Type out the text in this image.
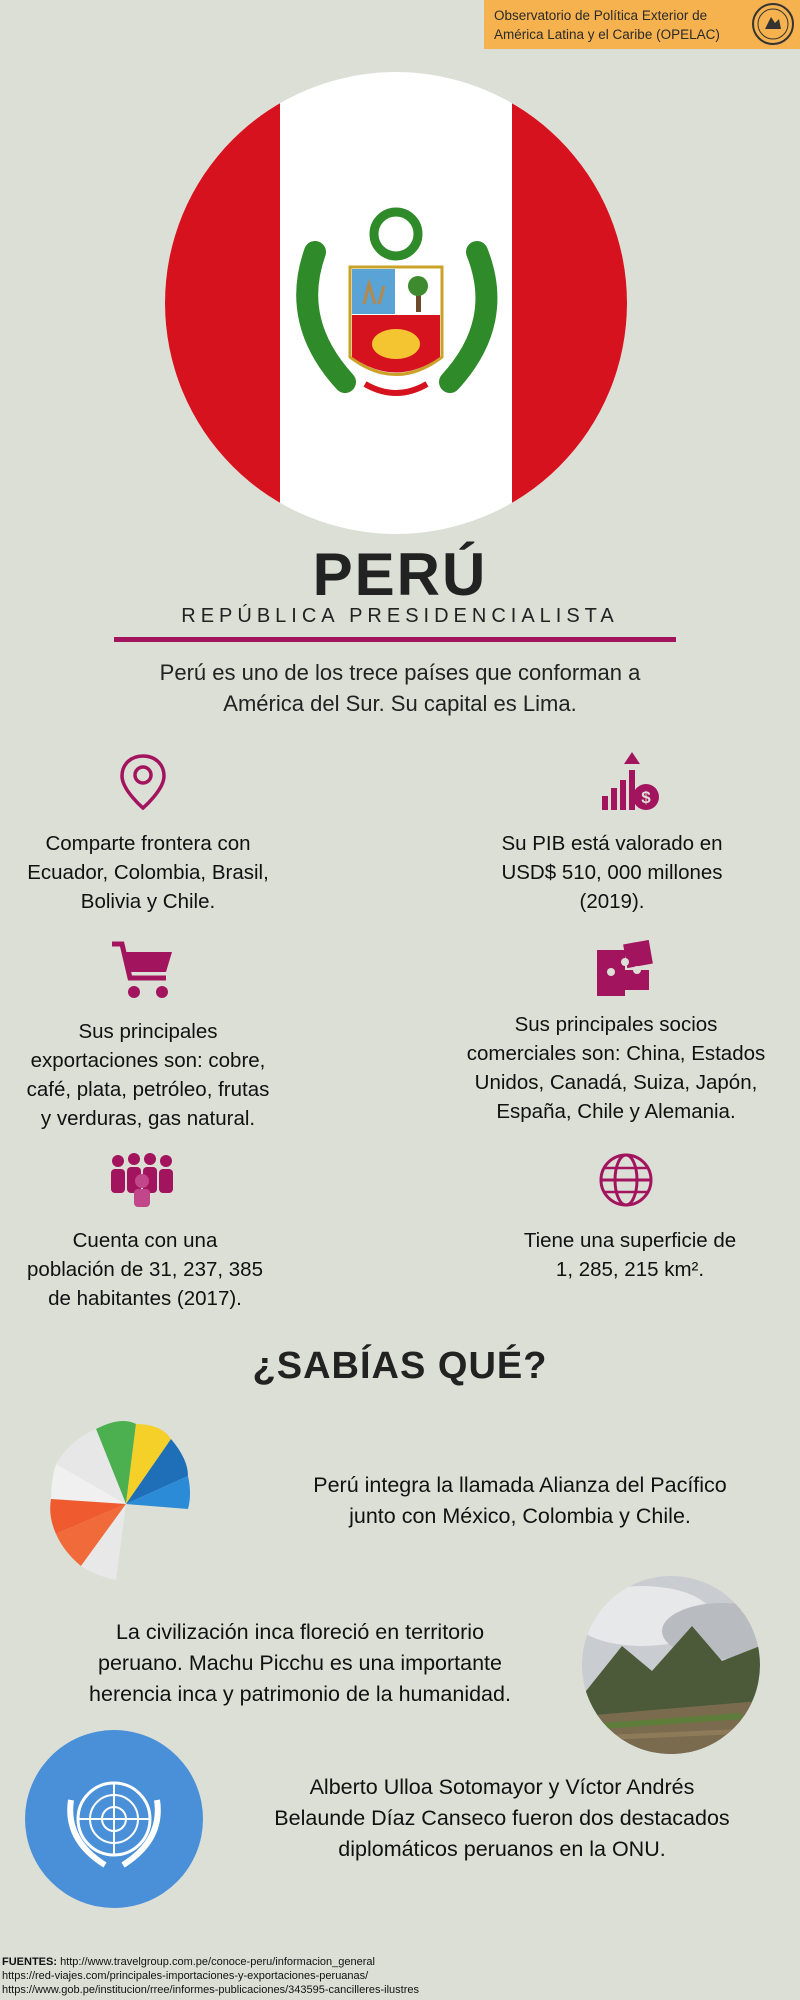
Observatorio de Política Exterior de
América Latina y el Caribe (OPELAC)
PERÚ
REPÚBLICA PRESIDENCIALISTA
Perú es uno de los trece países que conforman a
América del Sur. Su capital es Lima.
$
Comparte frontera con
Ecuador, Colombia, Brasil,
Bolivia y Chile.
Su PIB está valorado en
USD$ 510, 000 millones
(2019).
Sus principales
exportaciones son: cobre,
café, plata, petróleo, frutas
y verduras, gas natural.
Sus principales socios
comerciales son: China, Estados
Unidos, Canadá, Suiza, Japón,
España, Chile y Alemania.
Cuenta con una
población de 31, 237, 385
de habitantes (2017).
Tiene una superficie de
1, 285, 215 km².
¿SABÍAS QUÉ?
Perú integra la llamada Alianza del Pacífico
junto con México, Colombia y Chile.
La civilización inca floreció en territorio
peruano. Machu Picchu es una importante
herencia inca y patrimonio de la humanidad.
Alberto Ulloa Sotomayor y Víctor Andrés
Belaunde Díaz Canseco fueron dos destacados
diplomáticos peruanos en la ONU.
FUENTES: http://www.travelgroup.com.pe/conoce-peru/informacion_general
https://red-viajes.com/principales-importaciones-y-exportaciones-peruanas/
https://www.gob.pe/institucion/rree/informes-publicaciones/343595-cancilleres-ilustres
